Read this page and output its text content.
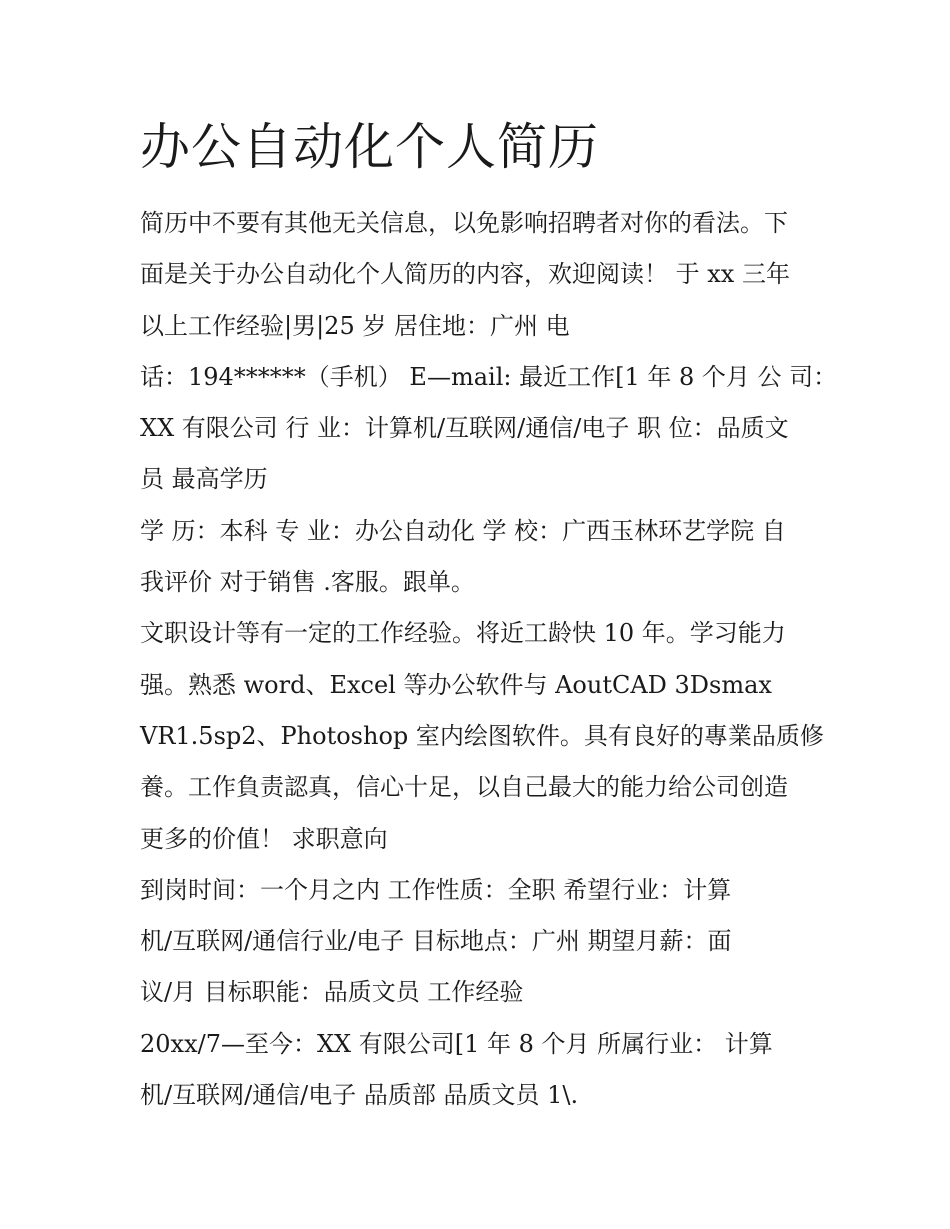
办公自动化个人简历
简历中不要有其他无关信息，以免影响招聘者对你的看法。下
面是关于办公自动化个人简历的内容，欢迎阅读！ 于 xx 三年
以上工作经验|男|25 岁 居住地：广州 电
话：194******（手机） E—mail: 最近工作[1 年 8 个月 公 司：
XX 有限公司 行 业：计算机/互联网/通信/电子 职 位：品质文
员 最高学历
学 历：本科 专 业：办公自动化 学 校：广西玉林环艺学院 自
我评价 对于销售 .客服。跟单。
文职设计等有一定的工作经验。将近工龄快 10 年。学习能力
强。熟悉 word、Excel 等办公软件与 AoutCAD 3Dsmax
VR1.5sp2、Photoshop 室内绘图软件。具有良好的專業品质修
養。工作負责認真，信心十足，以自己最大的能力给公司创造
更多的价值！ 求职意向
到岗时间：一个月之内 工作性质：全职 希望行业：计算
机/互联网/通信行业/电子 目标地点：广州 期望月薪：面
议/月 目标职能：品质文员 工作经验
20xx/7—至今：XX 有限公司[1 年 8 个月 所属行业： 计算
机/互联网/通信/电子 品质部 品质文员 1\.
